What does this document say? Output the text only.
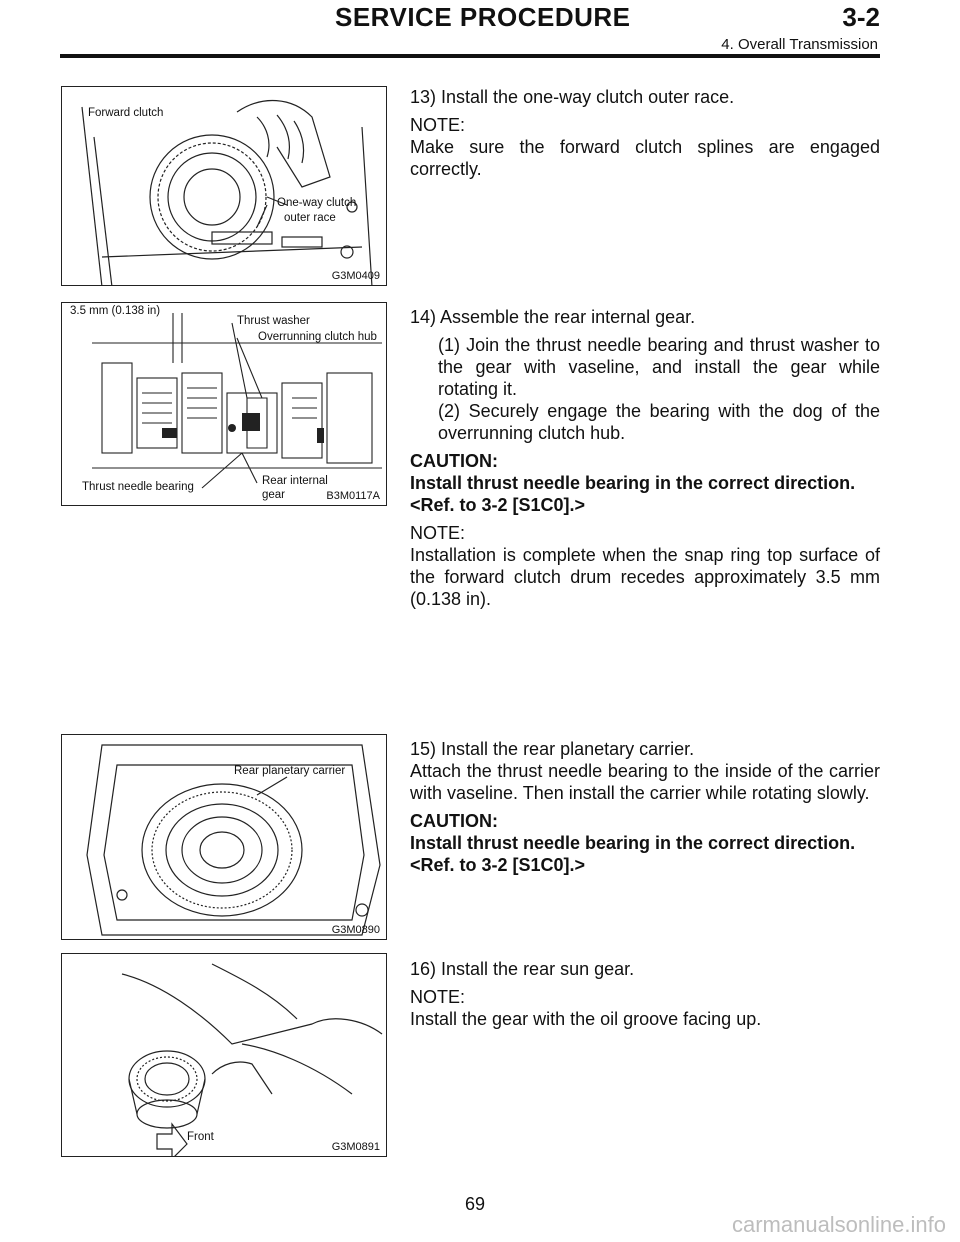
SERVICE PROCEDURE	3-2
4. Overall Transmission
Forward clutch
One-way clutch
outer race
G3M0409
3.5 mm (0.138 in)
Thrust washer
Overrunning clutch hub
Thrust needle bearing	Rear internal
gear	B3M0117A
Rear planetary carrier
G3M0890
Front
G3M0891

13) Install the one-way clutch outer race.

NOTE:

Make sure the forward clutch splines are engaged correctly.

14) Assemble the rear internal gear.

(1) Join the thrust needle bearing and thrust washer to the gear with vaseline, and install the gear while rotating it.

(2) Securely engage the bearing with the dog of the overrunning clutch hub.

CAUTION:

Install thrust needle bearing in the correct direction.

<Ref. to 3-2 [S1C0].>

NOTE:

Installation is complete when the snap ring top surface of the forward clutch drum recedes approximately 3.5 mm (0.138 in).

15) Install the rear planetary carrier.

Attach the thrust needle bearing to the inside of the carrier with vaseline. Then install the carrier while rotating slowly.

CAUTION:

Install thrust needle bearing in the correct direction.

<Ref. to 3-2 [S1C0].>

16) Install the rear sun gear.

NOTE:

Install the gear with the oil groove facing up.

69
carmanualsonline.info
